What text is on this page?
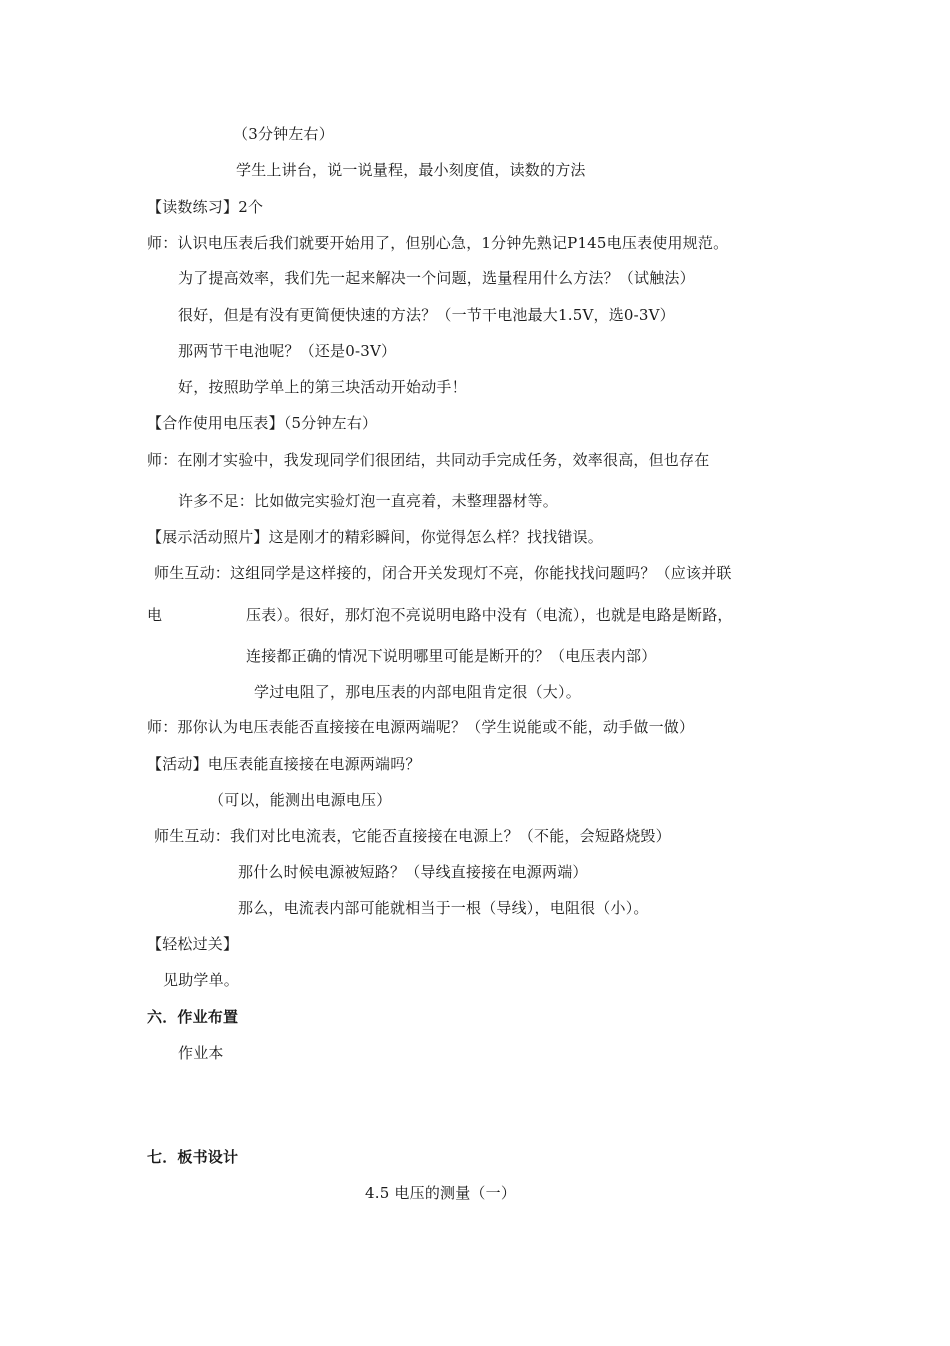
（3分钟左右）
学生上讲台，说一说量程，最小刻度值，读数的方法
【读数练习】2个
师：认识电压表后我们就要开始用了，但别心急，1分钟先熟记P145电压表使用规范。
为了提高效率，我们先一起来解决一个问题，选量程用什么方法？（试触法）
很好，但是有没有更简便快速的方法？（一节干电池最大1.5V，选0-3V）
那两节干电池呢？（还是0-3V）
好，按照助学单上的第三块活动开始动手！
【合作使用电压表】（5分钟左右）
师：在刚才实验中，我发现同学们很团结，共同动手完成任务，效率很高，但也存在
许多不足：比如做完实验灯泡一直亮着，未整理器材等。
【展示活动照片】这是刚才的精彩瞬间，你觉得怎么样？找找错误。
师生互动：这组同学是这样接的，闭合开关发现灯不亮，你能找找问题吗？（应该并联
电	压表）。很好，那灯泡不亮说明电路中没有（电流），也就是电路是断路，
连接都正确的情况下说明哪里可能是断开的？（电压表内部）
学过电阻了，那电压表的内部电阻肯定很（大）。
师：那你认为电压表能否直接接在电源两端呢？（学生说能或不能，动手做一做）
【活动】电压表能直接接在电源两端吗？
（可以，能测出电源电压）
师生互动：我们对比电流表，它能否直接接在电源上？（不能，会短路烧毁）
那什么时候电源被短路？（导线直接接在电源两端）
那么，电流表内部可能就相当于一根（导线），电阻很（小）。
【轻松过关】
见助学单。
六．作业布置
作业本
七．板书设计
4.5 电压的测量（一）
